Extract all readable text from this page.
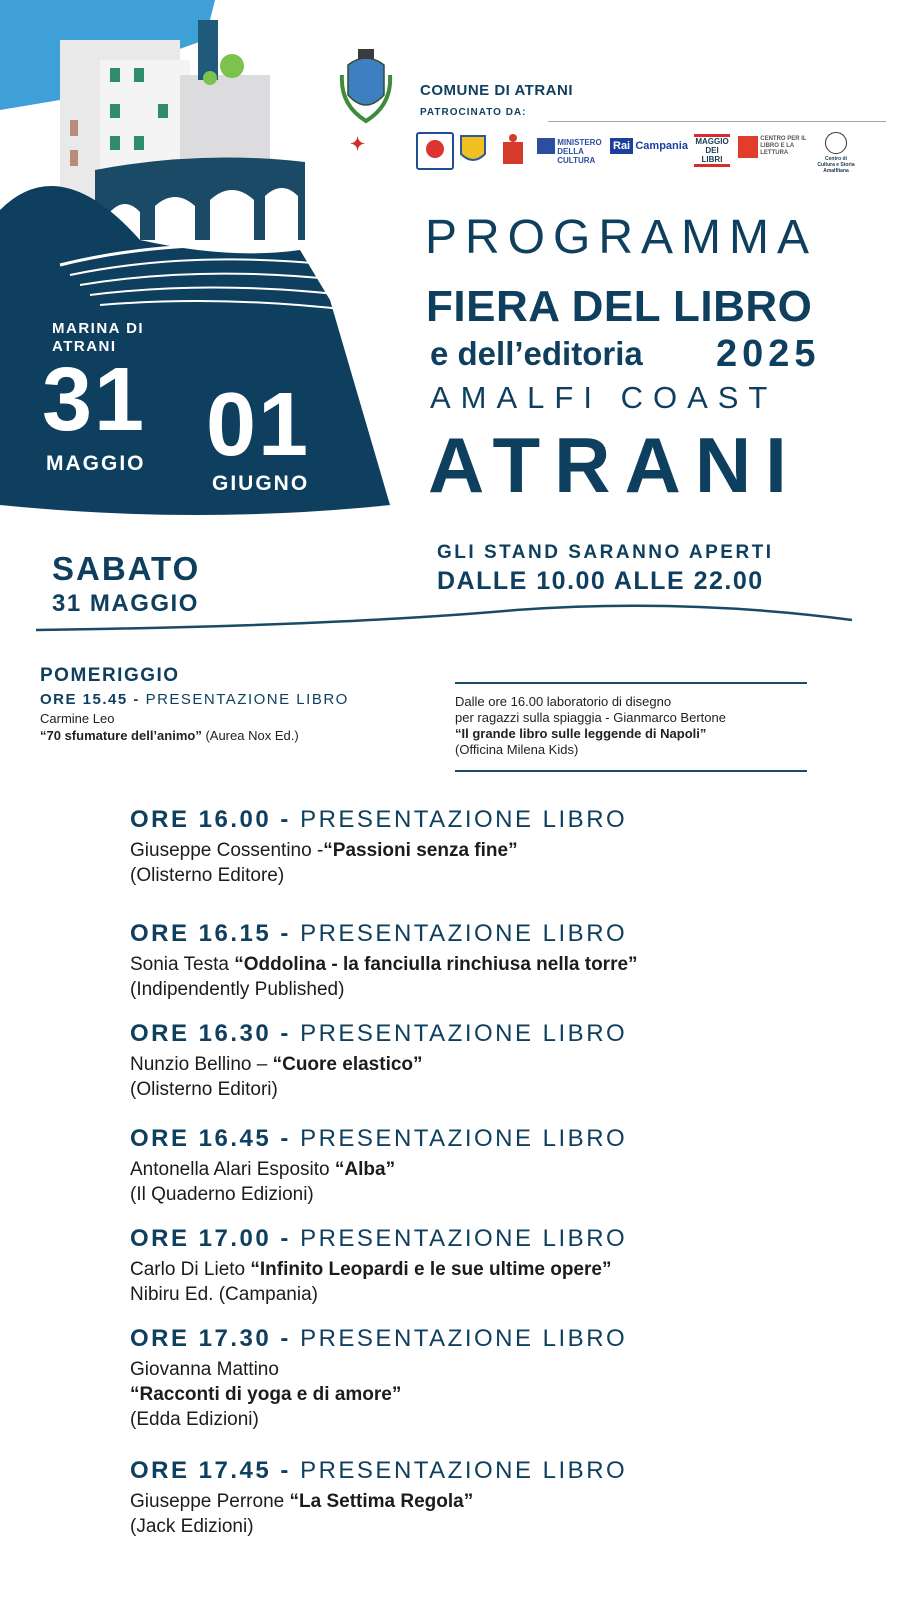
MARINA DI
ATRANI
31
MAGGIO 01
GIUGNO
COMUNE DI ATRANI
PATROCINATO DA:
✦	MINISTERO DELLA CULTURA
Rai Campania MAGGIO DEI LIBRI
CENTRO PER IL LIBRO E LA LETTURA
Centro di Cultura e Storia Amalfitana
PROGRAMMA
FIERA DEL LIBRO
e dell’editoria 2025
AMALFI COAST
ATRANI
SABATO
31 MAGGIO
GLI STAND SARANNO APERTI
DALLE 10.00 ALLE 22.00
POMERIGGIO
ORE 15.45 - PRESENTAZIONE LIBRO
Carmine Leo
“70 sfumature dell’animo” (Aurea Nox Ed.)
Dalle ore 16.00 laboratorio di disegno
per ragazzi sulla spiaggia - Gianmarco Bertone
“Il grande libro sulle leggende di Napoli”
(Officina Milena Kids)
ORE 16.00 - PRESENTAZIONE LIBRO
Giuseppe Cossentino -“Passioni senza fine”
(Olisterno Editore)
ORE 16.15 - PRESENTAZIONE LIBRO
Sonia Testa “Oddolina - la fanciulla rinchiusa nella torre”
(Indipendently Published)
ORE 16.30 - PRESENTAZIONE LIBRO
Nunzio Bellino – “Cuore elastico”
(Olisterno Editori)
ORE 16.45 - PRESENTAZIONE LIBRO
Antonella Alari Esposito “Alba”
(Il Quaderno Edizioni)
ORE 17.00 - PRESENTAZIONE LIBRO
Carlo Di Lieto “Infinito Leopardi e le sue ultime opere”
Nibiru Ed. (Campania)
ORE 17.30 - PRESENTAZIONE LIBRO
Giovanna Mattino
“Racconti di yoga e di amore”
(Edda Edizioni)
ORE 17.45 - PRESENTAZIONE LIBRO
Giuseppe Perrone “La Settima Regola”
(Jack Edizioni)
